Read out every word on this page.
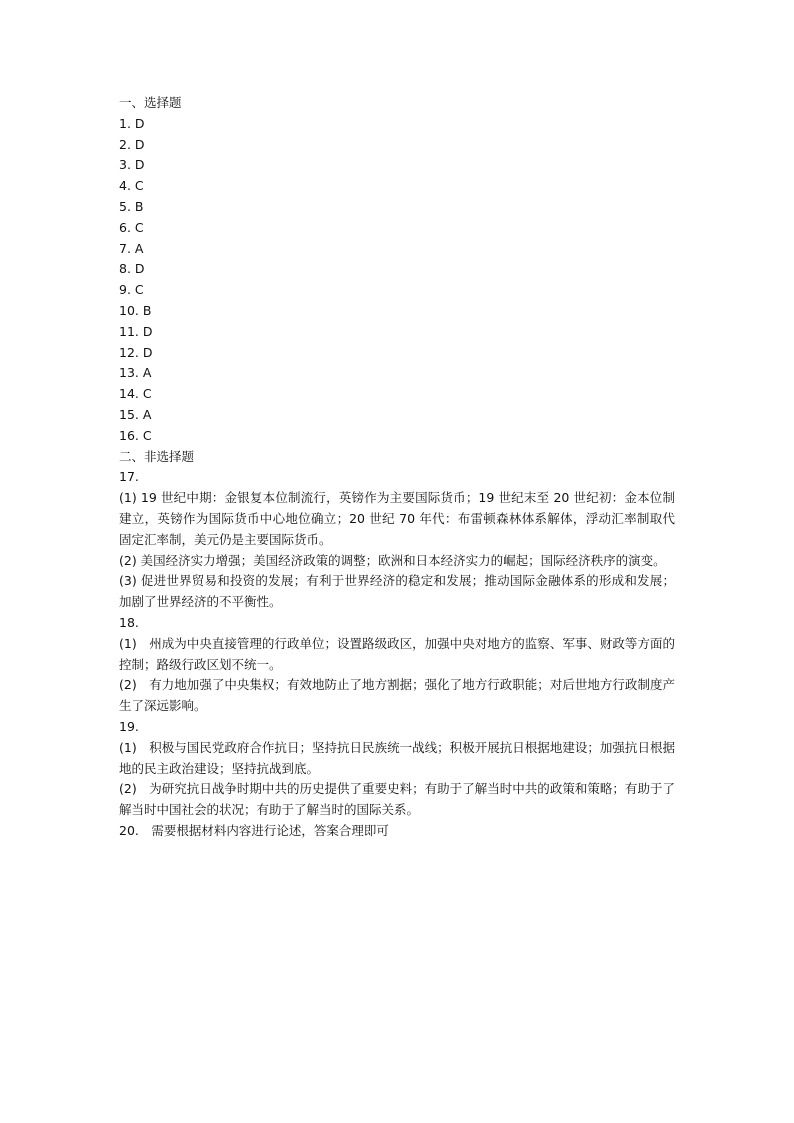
一、选择题
1. D
2. D
3. D
4. C
5. B
6. C
7. A
8. D
9. C
10. B
11. D
12. D
13. A
14. C
15. A
16. C
二、非选择题
17.
(1) 19 世纪中期：金银复本位制流行，英镑作为主要国际货币；19 世纪末至 20 世纪初：金本位制建立，英镑作为国际货币中心地位确立；20 世纪 70 年代：布雷顿森林体系解体，浮动汇率制取代固定汇率制，美元仍是主要国际货币。
(2) 美国经济实力增强；美国经济政策的调整；欧洲和日本经济实力的崛起；国际经济秩序的演变。
(3) 促进世界贸易和投资的发展；有利于世界经济的稳定和发展；推动国际金融体系的形成和发展；加剧了世界经济的不平衡性。
18.
(1)　州成为中央直接管理的行政单位；设置路级政区，加强中央对地方的监察、军事、财政等方面的控制；路级行政区划不统一。
(2)　有力地加强了中央集权；有效地防止了地方割据；强化了地方行政职能；对后世地方行政制度产生了深远影响。
19.
(1)　积极与国民党政府合作抗日；坚持抗日民族统一战线；积极开展抗日根据地建设；加强抗日根据地的民主政治建设；坚持抗战到底。
(2)　为研究抗日战争时期中共的历史提供了重要史料；有助于了解当时中共的政策和策略；有助于了解当时中国社会的状况；有助于了解当时的国际关系。
20.　需要根据材料内容进行论述，答案合理即可
